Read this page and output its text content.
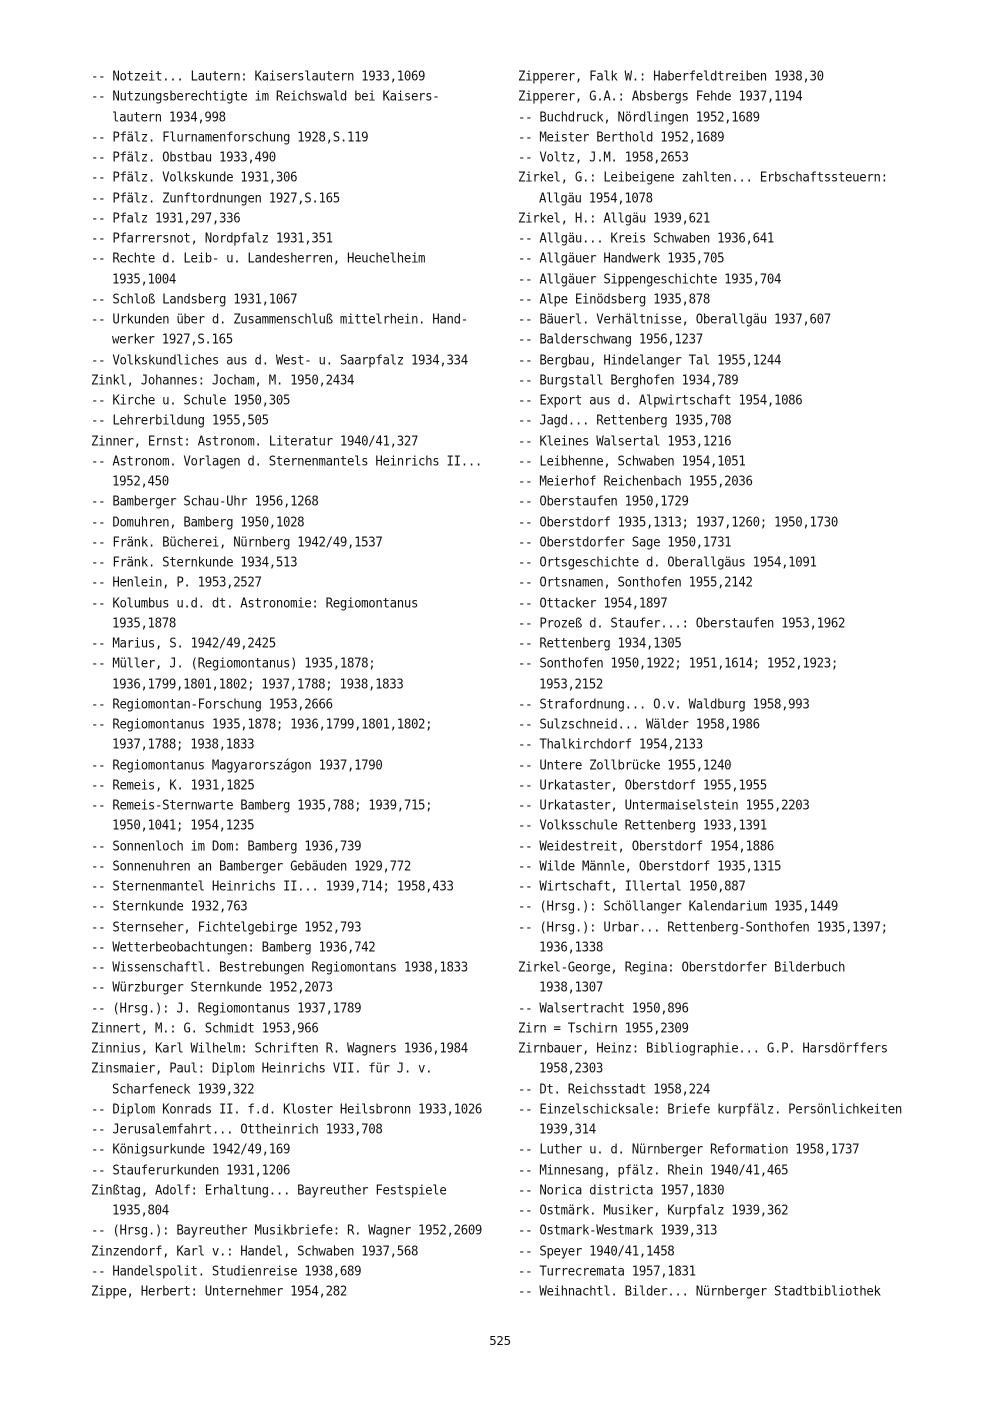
-- Notzeit... Lautern: Kaiserslautern 1933,1069
-- Nutzungsberechtigte im Reichswald bei Kaisers-
lautern 1934,998
-- Pfälz. Flurnamenforschung 1928,S.119
-- Pfälz. Obstbau 1933,490
-- Pfälz. Volkskunde 1931,306
-- Pfälz. Zunftordnungen 1927,S.165
-- Pfalz 1931,297,336
-- Pfarrersnot, Nordpfalz 1931,351
-- Rechte d. Leib- u. Landesherren, Heuchelheim
1935,1004
-- Schloß Landsberg 1931,1067
-- Urkunden über d. Zusammenschluß mittelrhein. Hand-
werker 1927,S.165
-- Volkskundliches aus d. West- u. Saarpfalz 1934,334
Zinkl, Johannes: Jocham, M. 1950,2434
-- Kirche u. Schule 1950,305
-- Lehrerbildung 1955,505
Zinner, Ernst: Astronom. Literatur 1940/41,327
-- Astronom. Vorlagen d. Sternenmantels Heinrichs II...
1952,450
-- Bamberger Schau-Uhr 1956,1268
-- Domuhren, Bamberg 1950,1028
-- Fränk. Bücherei, Nürnberg 1942/49,1537
-- Fränk. Sternkunde 1934,513
-- Henlein, P. 1953,2527
-- Kolumbus u.d. dt. Astronomie: Regiomontanus
1935,1878
-- Marius, S. 1942/49,2425
-- Müller, J. (Regiomontanus) 1935,1878;
1936,1799,1801,1802; 1937,1788; 1938,1833
-- Regiomontan-Forschung 1953,2666
-- Regiomontanus 1935,1878; 1936,1799,1801,1802;
1937,1788; 1938,1833
-- Regiomontanus Magyarországon 1937,1790
-- Remeis, K. 1931,1825
-- Remeis-Sternwarte Bamberg 1935,788; 1939,715;
1950,1041; 1954,1235
-- Sonnenloch im Dom: Bamberg 1936,739
-- Sonnenuhren an Bamberger Gebäuden 1929,772
-- Sternenmantel Heinrichs II... 1939,714; 1958,433
-- Sternkunde 1932,763
-- Sternseher, Fichtelgebirge 1952,793
-- Wetterbeobachtungen: Bamberg 1936,742
-- Wissenschaftl. Bestrebungen Regiomontans 1938,1833
-- Würzburger Sternkunde 1952,2073
-- (Hrsg.): J. Regiomontanus 1937,1789
Zinnert, M.: G. Schmidt 1953,966
Zinnius, Karl Wilhelm: Schriften R. Wagners 1936,1984
Zinsmaier, Paul: Diplom Heinrichs VII. für J. v.
Scharfeneck 1939,322
-- Diplom Konrads II. f.d. Kloster Heilsbronn 1933,1026
-- Jerusalemfahrt... Ottheinrich 1933,708
-- Königsurkunde 1942/49,169
-- Stauferurkunden 1931,1206
Zinßtag, Adolf: Erhaltung... Bayreuther Festspiele
1935,804
-- (Hrsg.): Bayreuther Musikbriefe: R. Wagner 1952,2609
Zinzendorf, Karl v.: Handel, Schwaben 1937,568
-- Handelspolit. Studienreise 1938,689
Zippe, Herbert: Unternehmer 1954,282
Zipperer, Falk W.: Haberfeldtreiben 1938,30
Zipperer, G.A.: Absbergs Fehde 1937,1194
-- Buchdruck, Nördlingen 1952,1689
-- Meister Berthold 1952,1689
-- Voltz, J.M. 1958,2653
Zirkel, G.: Leibeigene zahlten... Erbschaftssteuern:
Allgäu 1954,1078
Zirkel, H.: Allgäu 1939,621
-- Allgäu... Kreis Schwaben 1936,641
-- Allgäuer Handwerk 1935,705
-- Allgäuer Sippengeschichte 1935,704
-- Alpe Einödsberg 1935,878
-- Bäuerl. Verhältnisse, Oberallgäu 1937,607
-- Balderschwang 1956,1237
-- Bergbau, Hindelanger Tal 1955,1244
-- Burgstall Berghofen 1934,789
-- Export aus d. Alpwirtschaft 1954,1086
-- Jagd... Rettenberg 1935,708
-- Kleines Walsertal 1953,1216
-- Leibhenne, Schwaben 1954,1051
-- Meierhof Reichenbach 1955,2036
-- Oberstaufen 1950,1729
-- Oberstdorf 1935,1313; 1937,1260; 1950,1730
-- Oberstdorfer Sage 1950,1731
-- Ortsgeschichte d. Oberallgäus 1954,1091
-- Ortsnamen, Sonthofen 1955,2142
-- Ottacker 1954,1897
-- Prozeß d. Staufer...: Oberstaufen 1953,1962
-- Rettenberg 1934,1305
-- Sonthofen 1950,1922; 1951,1614; 1952,1923;
1953,2152
-- Strafordnung... O.v. Waldburg 1958,993
-- Sulzschneid... Wälder 1958,1986
-- Thalkirchdorf 1954,2133
-- Untere Zollbrücke 1955,1240
-- Urkataster, Oberstdorf 1955,1955
-- Urkataster, Untermaiselstein 1955,2203
-- Volksschule Rettenberg 1933,1391
-- Weidestreit, Oberstdorf 1954,1886
-- Wilde Männle, Oberstdorf 1935,1315
-- Wirtschaft, Illertal 1950,887
-- (Hrsg.): Schöllanger Kalendarium 1935,1449
-- (Hrsg.): Urbar... Rettenberg-Sonthofen 1935,1397;
1936,1338
Zirkel-George, Regina: Oberstdorfer Bilderbuch
1938,1307
-- Walsertracht 1950,896
Zirn = Tschirn 1955,2309
Zirnbauer, Heinz: Bibliographie... G.P. Harsdörffers
1958,2303
-- Dt. Reichsstadt 1958,224
-- Einzelschicksale: Briefe kurpfälz. Persönlichkeiten
1939,314
-- Luther u. d. Nürnberger Reformation 1958,1737
-- Minnesang, pfälz. Rhein 1940/41,465
-- Norica districta 1957,1830
-- Ostmärk. Musiker, Kurpfalz 1939,362
-- Ostmark-Westmark 1939,313
-- Speyer 1940/41,1458
-- Turrecremata 1957,1831
-- Weihnachtl. Bilder... Nürnberger Stadtbibliothek
525
